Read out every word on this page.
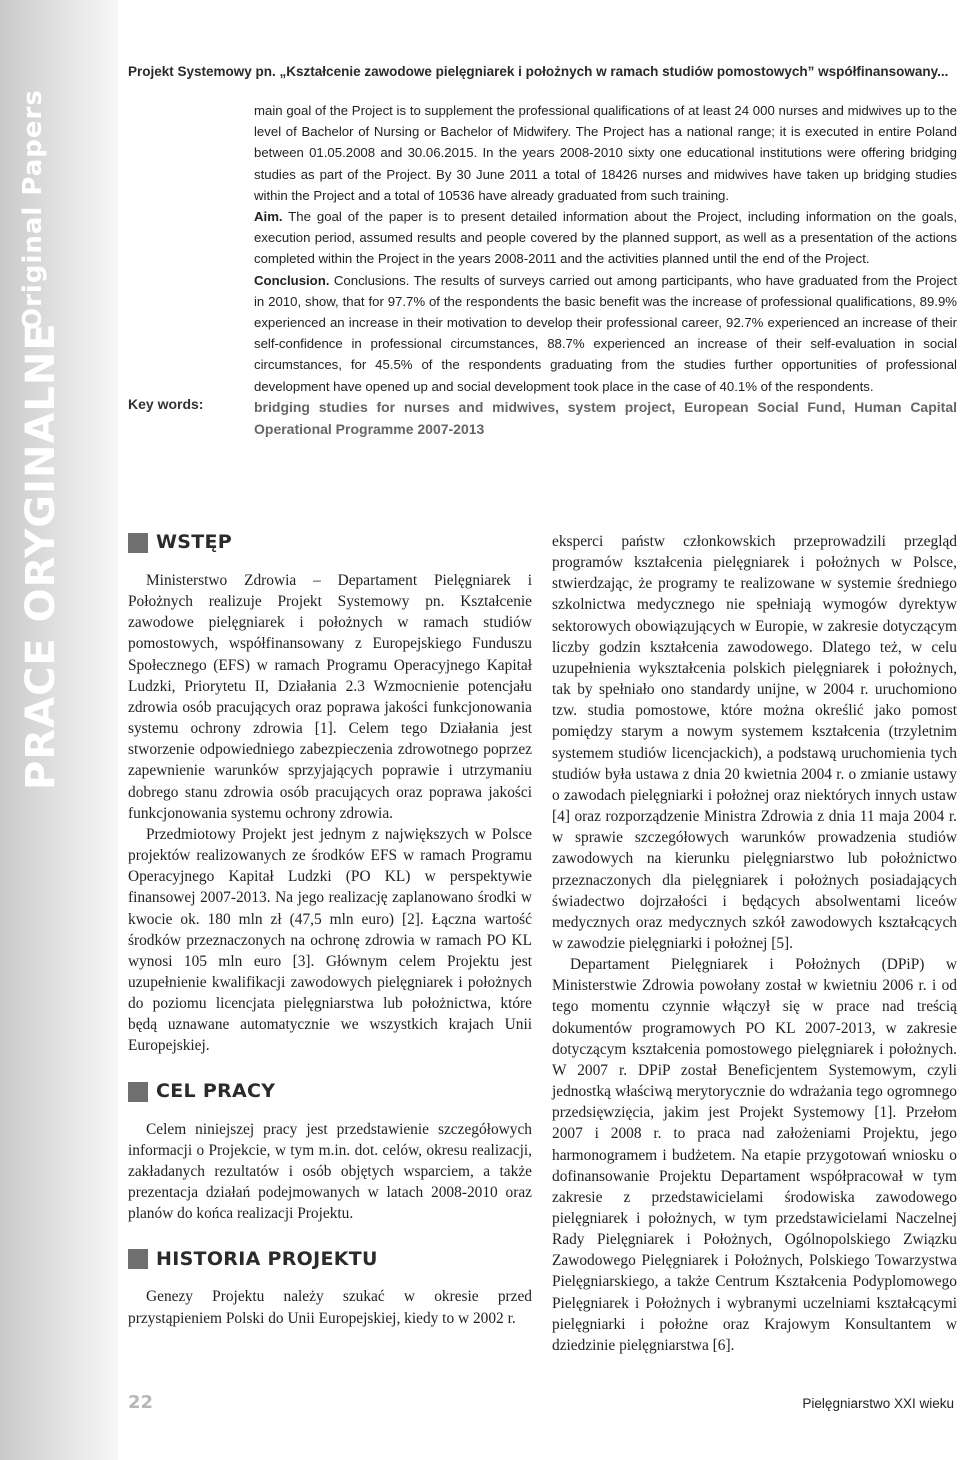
Original Papers
PRACE ORYGINALNE
Projekt Systemowy pn. „Kształcenie zawodowe pielęgniarek i położnych w ramach studiów pomostowych” współfinansowany...

main goal of the Project is to supplement the professional qualifications of at least 24 000 nurses and midwives up to the level of Bachelor of Nursing or Bachelor of Midwifery. The Project has a national range; it is executed in entire Poland between 01.05.2008 and 30.06.2015. In the years 2008-2010 sixty one educational institutions were offering bridging studies as part of the Project. By 30 June 2011 a total of 18426 nurses and midwives have taken up bridging studies within the Project and a total of 10536 have already graduated from such training.

Aim. The goal of the paper is to present detailed information about the Project, including information on the goals, execution period, assumed results and people covered by the planned support, as well as a presentation of the actions completed within the Project in the years 2008-2011 and the activities planned until the end of the Project.

Conclusion. Conclusions. The results of surveys carried out among participants, who have graduated from the Project in 2010, show, that for 97.7% of the respondents the basic benefit was the increase of professional qualifications, 89.9% experienced an increase in their motivation to develop their professional career, 92.7% experienced an increase of their self-confidence in professional circumstances, 88.7% experienced an increase of their self-evaluation in social circumstances, for 45.5% of the respondents graduating from the studies further opportunities of professional development have opened up and social development took place in the case of 40.1% of the respondents.

Key words:	bridging studies for nurses and midwives, system project, European Social Fund, Human Capital Operational Programme 2007-2013
WSTĘP

Ministerstwo Zdrowia – Departament Pielęgniarek i Położnych realizuje Projekt Systemowy pn. Kształcenie zawodowe pielęgniarek i położnych w ramach studiów pomostowych, współfinansowany z Europejskiego Funduszu Społecznego (EFS) w ramach Programu Operacyjnego Kapitał Ludzki, Priorytetu II, Działania 2.3 Wzmocnienie potencjału zdrowia osób pracujących oraz poprawa jakości funkcjonowania systemu ochrony zdrowia [1]. Celem tego Działania jest stworzenie odpowiedniego zabezpieczenia zdrowotnego poprzez zapewnienie warunków sprzyjających poprawie i utrzymaniu dobrego stanu zdrowia osób pracujących oraz poprawa jakości funkcjonowania systemu ochrony zdrowia.

Przedmiotowy Projekt jest jednym z największych w Polsce projektów realizowanych ze środków EFS w ramach Programu Operacyjnego Kapitał Ludzki (PO KL) w perspektywie finansowej 2007-2013. Na jego realizację zaplanowano środki w kwocie ok. 180 mln zł (47,5 mln euro) [2]. Łączna wartość środków przeznaczonych na ochronę zdrowia w ramach PO KL wynosi 105 mln euro [3]. Głównym celem Projektu jest uzupełnienie kwalifikacji zawodowych pielęgniarek i położnych do poziomu licencjata pielęgniarstwa lub położnictwa, które będą uznawane automatycznie we wszystkich krajach Unii Europejskiej.

CEL PRACY

Celem niniejszej pracy jest przedstawienie szczegółowych informacji o Projekcie, w tym m.in. dot. celów, okresu realizacji, zakładanych rezultatów i osób objętych wsparciem, a także prezentacja działań podejmowanych w latach 2008-2010 oraz planów do końca realizacji Projektu.

HISTORIA PROJEKTU

Genezy Projektu należy szukać w okresie przed przystąpieniem Polski do Unii Europejskiej, kiedy to w 2002 r.

eksperci państw członkowskich przeprowadzili przegląd programów kształcenia pielęgniarek i położnych w Polsce, stwierdzając, że programy te realizowane w systemie średniego szkolnictwa medycznego nie spełniają wymogów dyrektyw sektorowych obowiązujących w Europie, w zakresie dotyczącym liczby godzin kształcenia zawodowego. Dlatego też, w celu uzupełnienia wykształcenia polskich pielęgniarek i położnych, tak by spełniało ono standardy unijne, w 2004 r. uruchomiono tzw. studia pomostowe, które można określić jako pomost pomiędzy starym a nowym systemem kształcenia (trzyletnim systemem studiów licencjackich), a podstawą uruchomienia tych studiów była ustawa z dnia 20 kwietnia 2004 r. o zmianie ustawy o zawodach pielęgniarki i położnej oraz niektórych innych ustaw [4] oraz rozporządzenie Ministra Zdrowia z dnia 11 maja 2004 r. w sprawie szczegółowych warunków prowadzenia studiów zawodowych na kierunku pielęgniarstwo lub położnictwo przeznaczonych dla pielęgniarek i położnych posiadających świadectwo dojrzałości i będących absolwentami liceów medycznych oraz medycznych szkół zawodowych kształcących w zawodzie pielęgniarki i położnej [5].

Departament Pielęgniarek i Położnych (DPiP) w Ministerstwie Zdrowia powołany został w kwietniu 2006 r. i od tego momentu czynnie włączył się w prace nad treścią dokumentów programowych PO KL 2007-2013, w zakresie dotyczącym kształcenia pomostowego pielęgniarek i położnych. W 2007 r. DPiP został Beneficjentem Systemowym, czyli jednostką właściwą merytorycznie do wdrażania tego ogromnego przedsięwzięcia, jakim jest Projekt Systemowy [1]. Przełom 2007 i 2008 r. to praca nad założeniami Projektu, jego harmonogramem i budżetem. Na etapie przygotowań wniosku o dofinansowanie Projektu Departament współpracował w tym zakresie z przedstawicielami środowiska zawodowego pielęgniarek i położnych, w tym przedstawicielami Naczelnej Rady Pielęgniarek i Położnych, Ogólnopolskiego Związku Zawodowego Pielęgniarek i Położnych, Polskiego Towarzystwa Pielęgniarskiego, a także Centrum Kształcenia Podyplomowego Pielęgniarek i Położnych i wybranymi uczelniami kształcącymi pielęgniarki i położne oraz Krajowym Konsultantem w dziedzinie pielęgniarstwa [6].

22	Pielęgniarstwo XXI wieku
